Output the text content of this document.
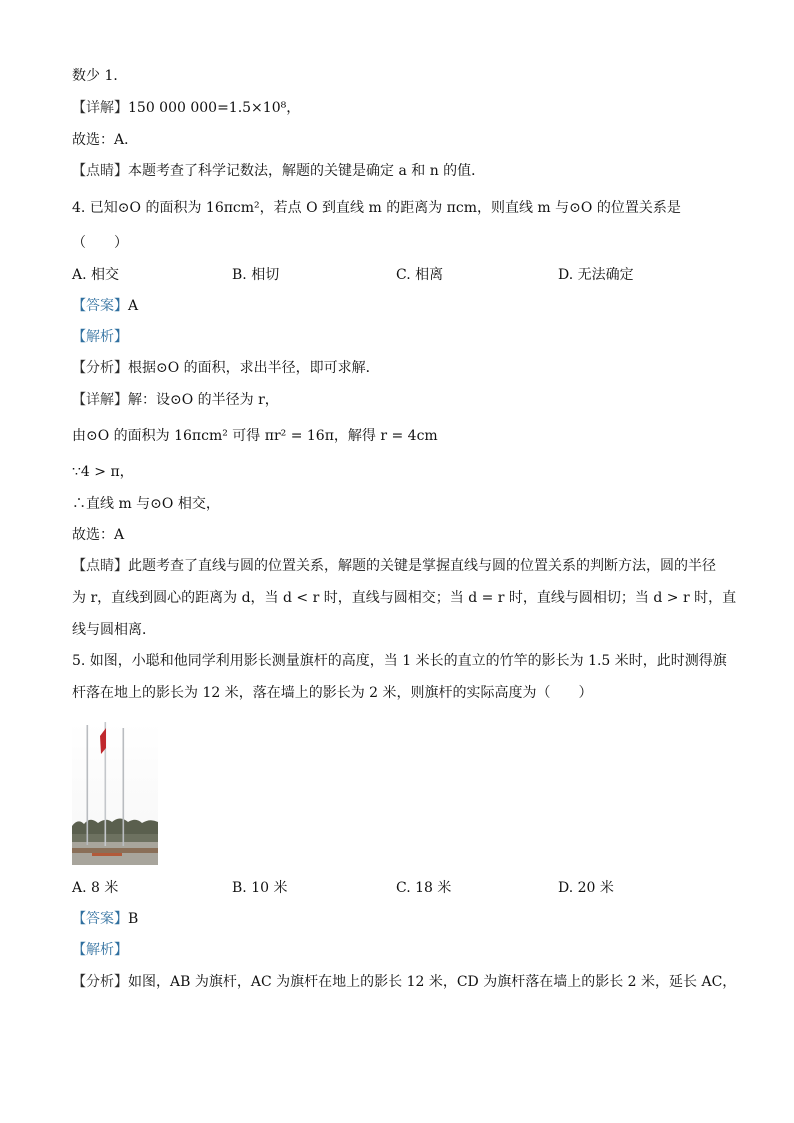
数少 1．
【详解】150 000 000=1.5×10⁸，
故选：A．
【点睛】本题考查了科学记数法，解题的关键是确定 a 和 n 的值．
4. 已知⊙O 的面积为 16πcm²，若点 O 到直线 m 的距离为 πcm，则直线 m 与⊙O 的位置关系是
（　　）
A. 相交	B. 相切	C. 相离	D. 无法确定
【答案】A
【解析】
【分析】根据⊙O 的面积，求出半径，即可求解．
【详解】解：设⊙O 的半径为 r，
由⊙O 的面积为 16πcm² 可得 πr² = 16π，解得 r = 4cm
∵4 > π，
∴直线 m 与⊙O 相交，
故选：A
【点睛】此题考查了直线与圆的位置关系，解题的关键是掌握直线与圆的位置关系的判断方法，圆的半径
为 r，直线到圆心的距离为 d，当 d < r 时，直线与圆相交；当 d = r 时，直线与圆相切；当 d > r 时，直
线与圆相离．
5. 如图，小聪和他同学利用影长测量旗杆的高度，当 1 米长的直立的竹竿的影长为 1.5 米时，此时测得旗
杆落在地上的影长为 12 米，落在墙上的影长为 2 米，则旗杆的实际高度为（　　）
A. 8 米	B. 10 米	C. 18 米	D. 20 米
【答案】B
【解析】
【分析】如图，AB 为旗杆，AC 为旗杆在地上的影长 12 米，CD 为旗杆落在墙上的影长 2 米，延长 AC，
